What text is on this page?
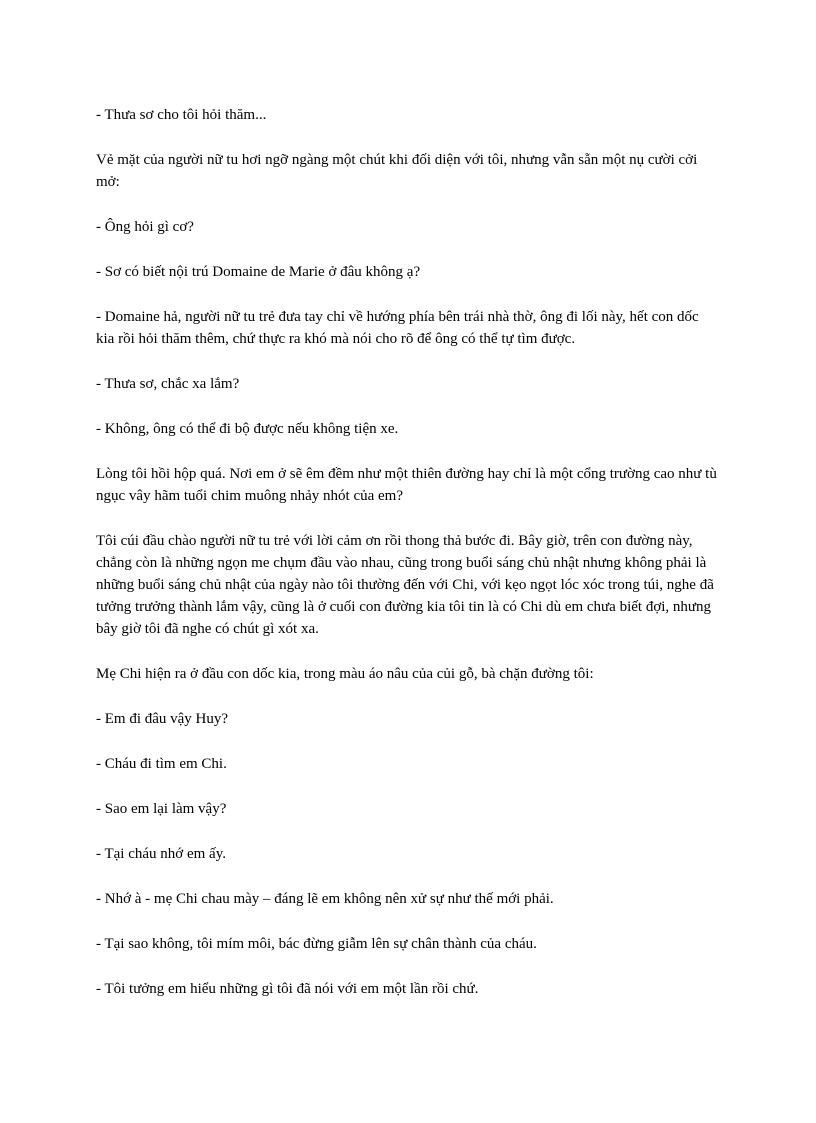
- Thưa sơ cho tôi hỏi thăm...

Vẻ mặt của người nữ tu hơi ngỡ ngàng một chút khi đối diện với tôi, nhưng vẫn sẵn một nụ cười cởi mở:

- Ông hỏi gì cơ?

- Sơ có biết nội trú Domaine de Marie ở đâu không ạ?

- Domaine hả, người nữ tu trẻ đưa tay chỉ về hướng phía bên trái nhà thờ, ông đi lối này, hết con dốc kia rồi hỏi thăm thêm, chứ thực ra khó mà nói cho rõ để ông có thể tự tìm được.

- Thưa sơ, chắc xa lắm?

- Không, ông có thể đi bộ được nếu không tiện xe.

Lòng tôi hồi hộp quá. Nơi em ở sẽ êm đềm như một thiên đường hay chỉ là một cổng trường cao như tù ngục vây hãm tuổi chim muông nhảy nhót của em?

Tôi cúi đầu chào người nữ tu trẻ với lời cảm ơn rồi thong thả bước đi. Bây giờ, trên con đường này, chẳng còn là những ngọn me chụm đầu vào nhau, cũng trong buổi sáng chủ nhật nhưng không phải là những buổi sáng chủ nhật của ngày nào tôi thường đến với Chi, với kẹo ngọt lóc xóc trong túi, nghe đã tưởng trưởng thành lắm vậy, cũng là ở cuối con đường kia tôi tin là có Chi dù em chưa biết đợi, nhưng bây giờ tôi đã nghe có chút gì xót xa.

Mẹ Chi hiện ra ở đầu con dốc kia, trong màu áo nâu của củi gỗ, bà chặn đường tôi:

- Em đi đâu vậy Huy?

- Cháu đi tìm em Chi.

- Sao em lại làm vậy?

- Tại cháu nhớ em ấy.

- Nhớ à - mẹ Chi chau mày – đáng lẽ em không nên xử sự như thế mới phải.

- Tại sao không, tôi mím môi, bác đừng giẫm lên sự chân thành của cháu.

- Tôi tưởng em hiểu những gì tôi đã nói với em một lần rồi chứ.
